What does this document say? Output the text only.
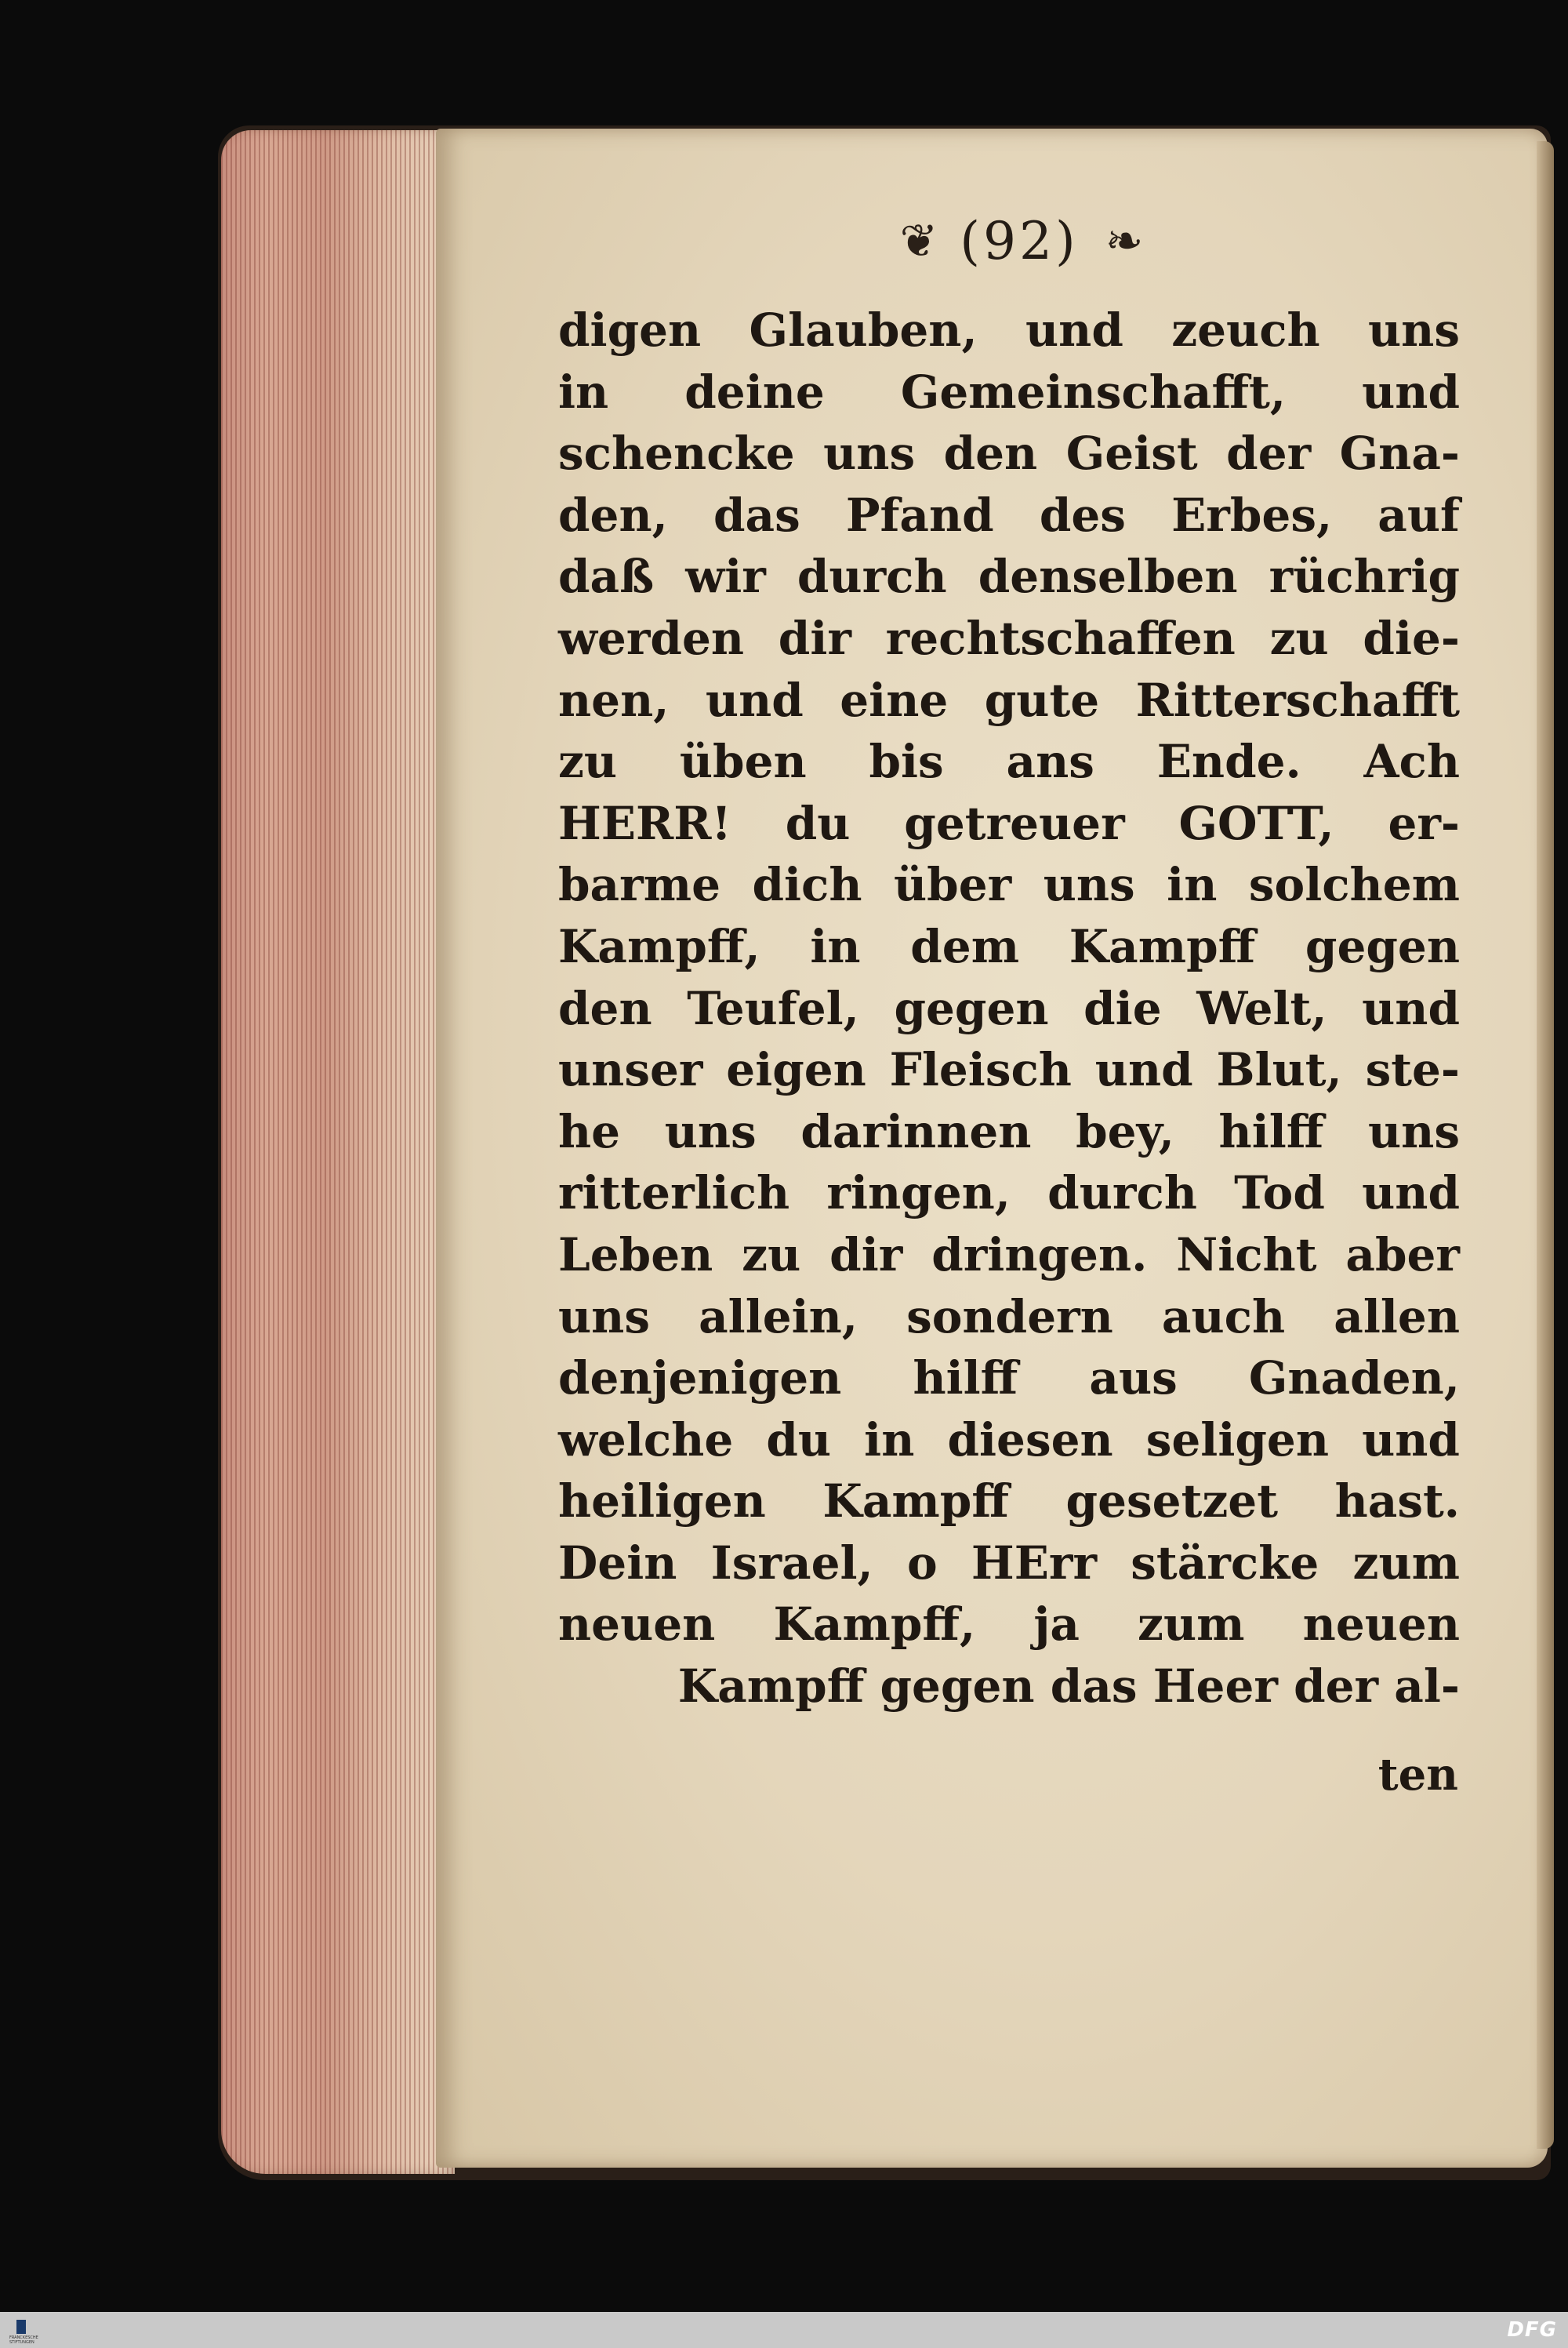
❦ (92) ❧
digen Glauben, und zeuch uns
in deine Gemeinschafft, und
schencke uns den Geist der Gna-
den, das Pfand des Erbes, auf
daß wir durch denselben rüchrig
werden dir rechtschaffen zu die-
nen, und eine gute Ritterschafft
zu üben bis ans Ende. Ach
HERR! du getreuer GOTT, er-
barme dich über uns in solchem
Kampff, in dem Kampff gegen
den Teufel, gegen die Welt, und
unser eigen Fleisch und Blut, ste-
he uns darinnen bey, hilff uns
ritterlich ringen, durch Tod und
Leben zu dir dringen. Nicht aber
uns allein, sondern auch allen
denjenigen hilff aus Gnaden,
welche du in diesen seligen und
heiligen Kampff gesetzet hast.
Dein Israel, o HErr stärcke zum
neuen Kampff, ja zum neuen
Kampff gegen das Heer der al-
ten
FRANCKESCHE STIFTUNGEN
DFG
